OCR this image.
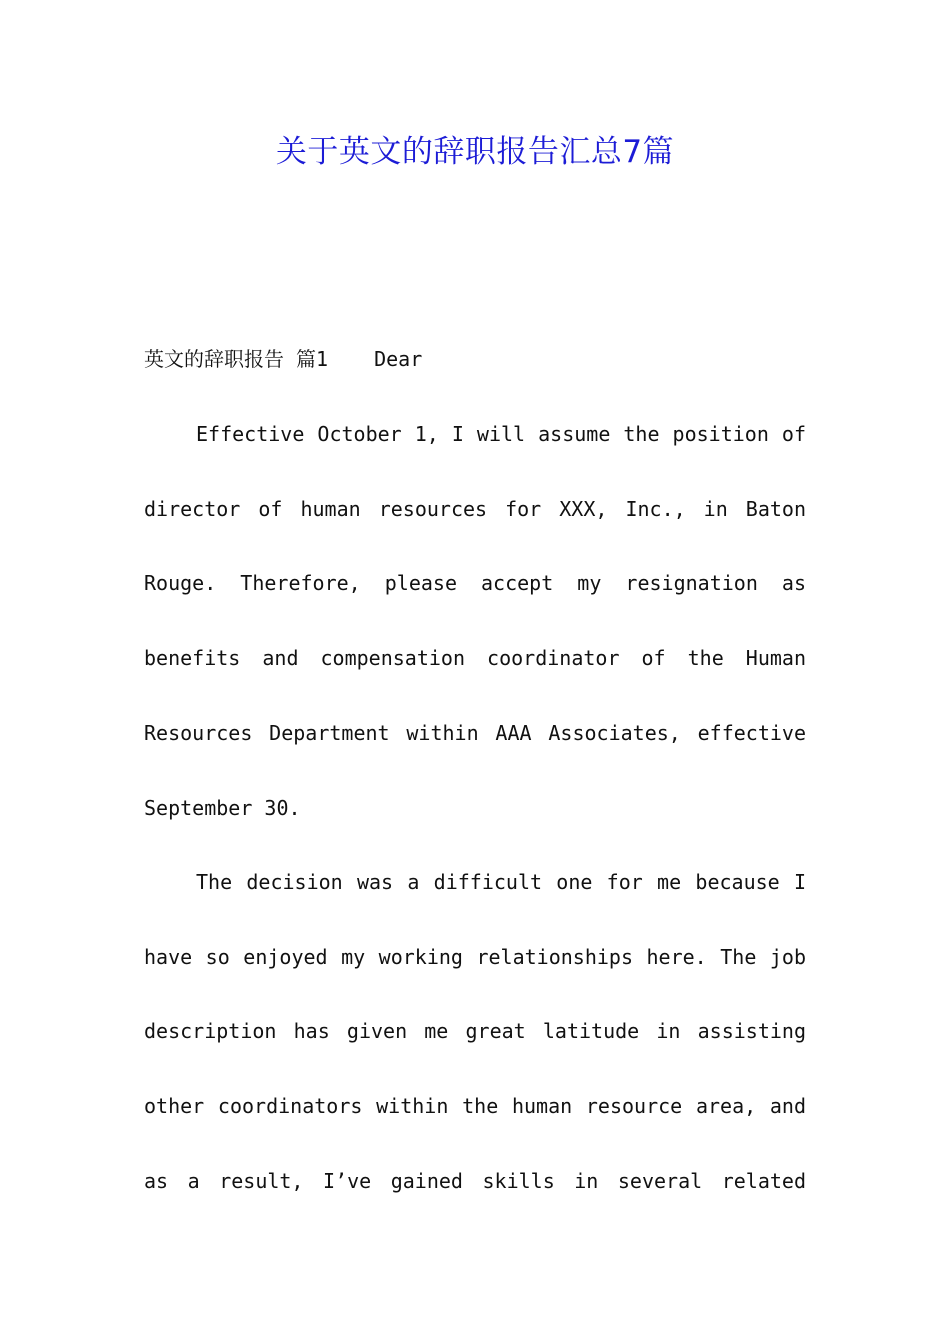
关于英文的辞职报告汇总7篇
英文的辞职报告 篇1 Dear

Effective October 1, I will assume the position of director of human resources for XXX, Inc., in Baton Rouge. Therefore, please accept my resignation as benefits and compensation coordinator of the Human Resources Department within AAA Associates, effective September 30.

The decision was a difficult one for me because I have so enjoyed my working relationships here. The job description has given me great latitude in assisting other coordinators within the human resource area, and as a result, I’ve gained skills in several related
